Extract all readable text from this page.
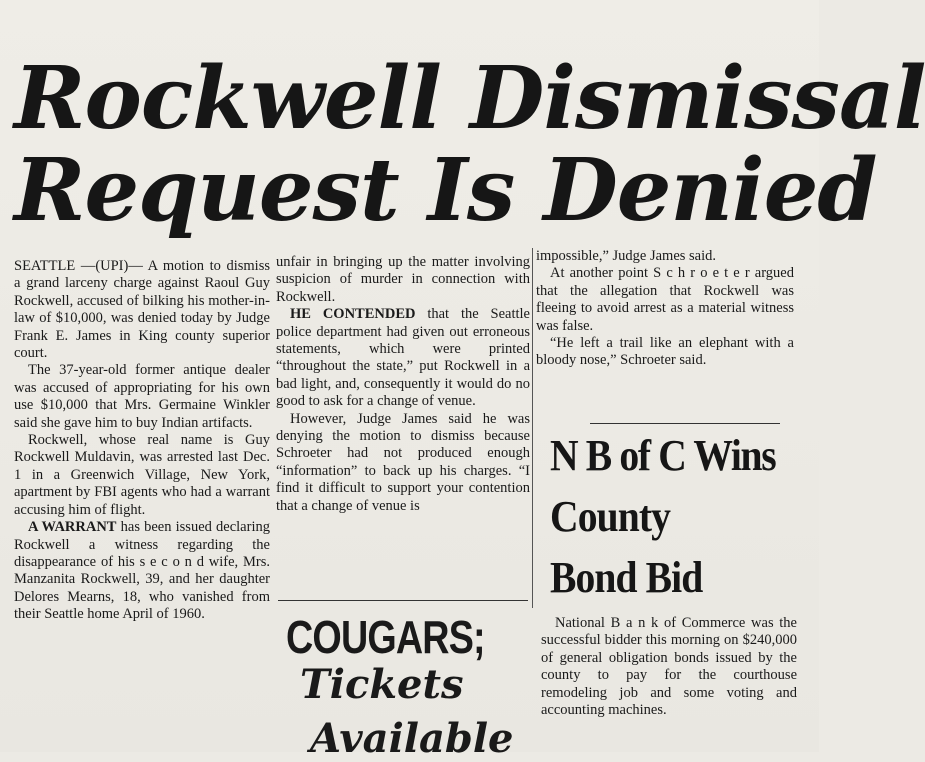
Rockwell Dismissal
Request Is Denied

SEATTLE —(UPI)— A motion to dismiss a grand larceny charge against Raoul Guy Rockwell, accused of bilking his mother-in-law of $10,000, was denied today by Judge Frank E. James in King county superior court.

The 37-year-old former antique dealer was accused of appropriating for his own use $10,000 that Mrs. Germaine Winkler said she gave him to buy Indian artifacts.

Rockwell, whose real name is Guy Rockwell Muldavin, was arrested last Dec. 1 in a Greenwich Village, New York, apartment by FBI agents who had a warrant accusing him of flight.

A WARRANT has been issued declaring Rockwell a witness regarding the disappearance of his s e c o n d wife, Mrs. Manzanita Rockwell, 39, and her daughter Delores Mearns, 18, who vanished from their Seattle home April of 1960.

unfair in bringing up the matter involving suspicion of murder in connection with Rockwell.

HE CONTENDED that the Seattle police department had given out erroneous statements, which were printed “throughout the state,” put Rockwell in a bad light, and, consequently it would do no good to ask for a change of venue.

However, Judge James said he was denying the motion to dismiss because Schroeter had not produced enough “information” to back up his charges. “I find it difficult to support your contention that a change of venue is

impossible,” Judge James said.

At another point S c h r o e t e r argued that the allegation that Rockwell was fleeing to avoid arrest as a material witness was false.

“He left a trail like an elephant with a bloody nose,” Schroeter said.

N B of C Wins
County
Bond Bid

National B a n k of Commerce was the successful bidder this morning on $240,000 of general obligation bonds issued by the county to pay for the courthouse remodeling job and some voting and accounting machines.

COUGARS;
Tickets
Available
